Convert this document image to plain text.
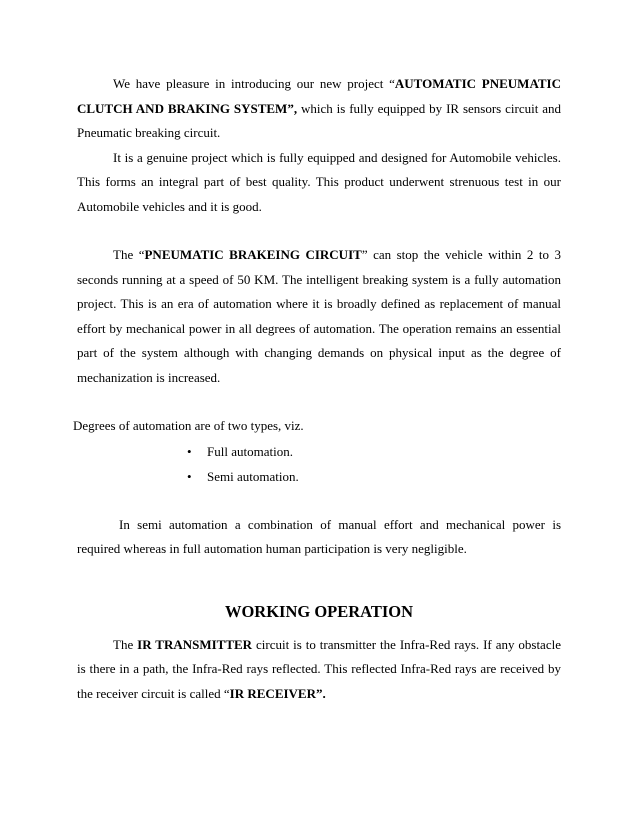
We have pleasure in introducing our new project “AUTOMATIC PNEUMATIC CLUTCH AND BRAKING SYSTEM”, which is fully equipped by IR sensors circuit and Pneumatic breaking circuit.

It is a genuine project which is fully equipped and designed for Automobile vehicles. This forms an integral part of best quality. This product underwent strenuous test in our Automobile vehicles and it is good.

The “PNEUMATIC BRAKEING CIRCUIT” can stop the vehicle within 2 to 3 seconds running at a speed of 50 KM. The intelligent breaking system is a fully automation project. This is an era of automation where it is broadly defined as replacement of manual effort by mechanical power in all degrees of automation. The operation remains an essential part of the system although with changing demands on physical input as the degree of mechanization is increased.

Degrees of automation are of two types, viz.

• Full automation.
• Semi automation.

In semi automation a combination of manual effort and mechanical power is required whereas in full automation human participation is very negligible.

WORKING OPERATION

The IR TRANSMITTER circuit is to transmitter the Infra-Red rays. If any obstacle is there in a path, the Infra-Red rays reflected. This reflected Infra-Red rays are received by the receiver circuit is called “IR RECEIVER”.
